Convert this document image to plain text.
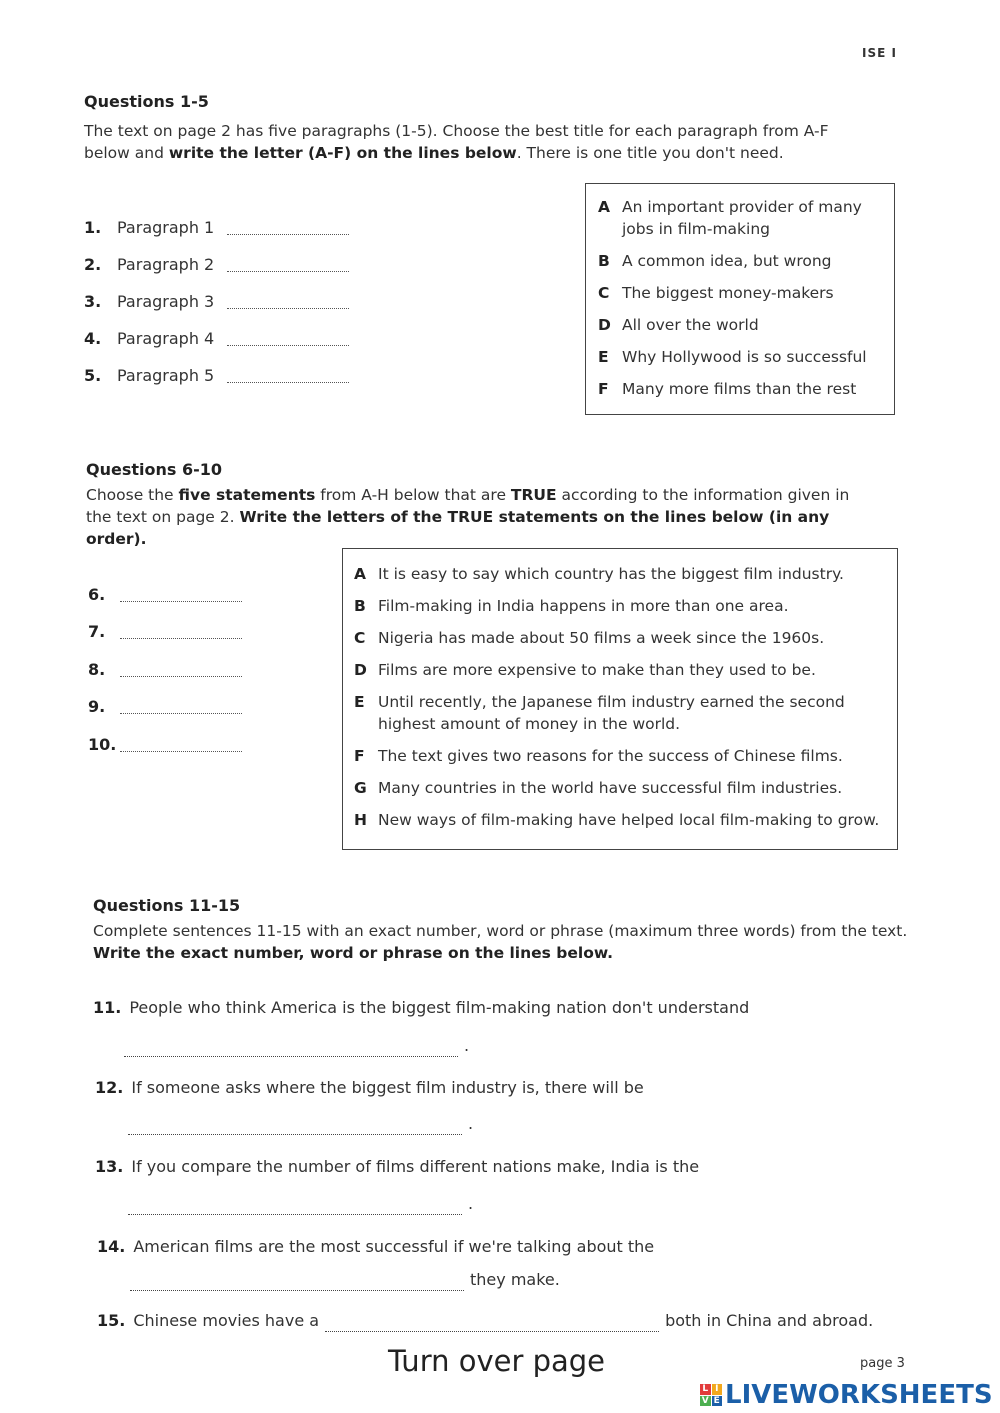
ISE I
Questions 1-5
The text on page 2 has five paragraphs (1-5). Choose the best title for each paragraph from A-F
below and write the letter (A-F) on the lines below. There is one title you don't need.
1. Paragraph 1
2. Paragraph 2
3. Paragraph 3
4. Paragraph 4
5. Paragraph 5
A An important provider of many jobs in film-making
B A common idea, but wrong
C The biggest money-makers
D All over the world
E Why Hollywood is so successful
F Many more films than the rest
Questions 6-10
Choose the five statements from A-H below that are TRUE according to the information given in
the text on page 2. Write the letters of the TRUE statements on the lines below (in any order).
6.
7.
8.
9.
10.
A It is easy to say which country has the biggest film industry.
B Film-making in India happens in more than one area.
C Nigeria has made about 50 films a week since the 1960s.
D Films are more expensive to make than they used to be.
E Until recently, the Japanese film industry earned the second highest amount of money in the world.
F The text gives two reasons for the success of Chinese films.
G Many countries in the world have successful film industries.
H New ways of film-making have helped local film-making to grow.
Questions 11-15
Complete sentences 11-15 with an exact number, word or phrase (maximum three words) from the text.
Write the exact number, word or phrase on the lines below.
11. People who think America is the biggest film-making nation don't understand
.
12. If someone asks where the biggest film industry is, there will be
.
13. If you compare the number of films different nations make, India is the
.
14. American films are the most successful if we're talking about the
they make.
15. Chinese movies have a	both in China and abroad.
Turn over page	page 3
L I
V E LIVEWORKSHEETS
